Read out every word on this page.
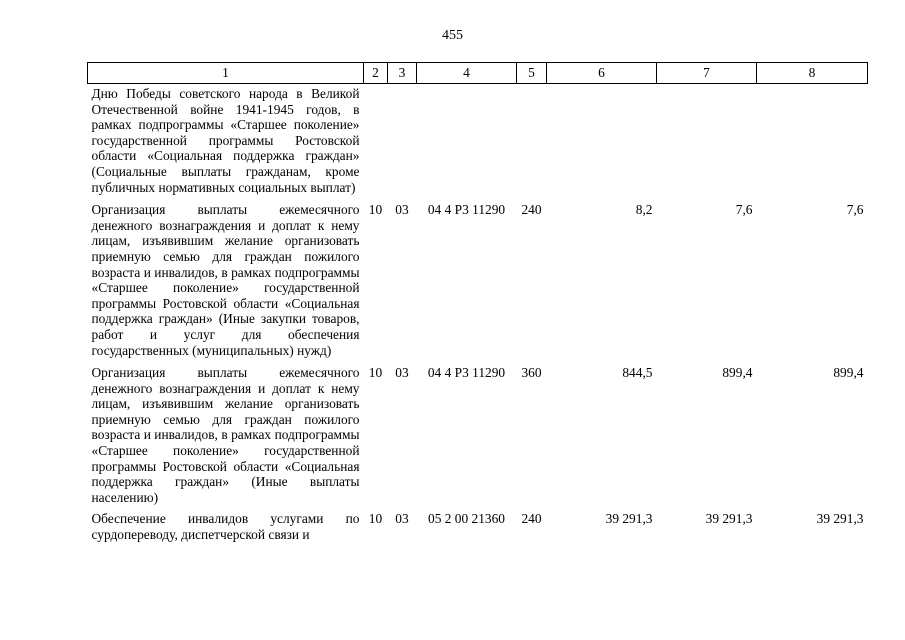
455
1	2	3	4	5	6	7	8
Дню Победы советского народа в Великой Отечественной войне 1941-1945 годов, в рамках подпрограммы «Старшее поколение» государственной программы Ростовской области «Социальная поддержка граждан» (Социальные выплаты гражданам, кроме публичных нормативных социальных выплат)							
Организация выплаты ежемесячного денежного вознаграждения и доплат к нему лицам, изъявившим желание организовать приемную семью для граждан пожилого возраста и инвалидов, в рамках подпрограммы «Старшее поколение» государственной программы Ростовской области «Социальная поддержка граждан» (Иные закупки товаров, работ и услуг для обеспечения государственных (муниципальных) нужд)	10	03	04 4 Р3 11290	240	8,2	7,6	7,6
Организация выплаты ежемесячного денежного вознаграждения и доплат к нему лицам, изъявившим желание организовать приемную семью для граждан пожилого возраста и инвалидов, в рамках подпрограммы «Старшее поколение» государственной программы Ростовской области «Социальная поддержка граждан» (Иные выплаты населению)	10	03	04 4 Р3 11290	360	844,5	899,4	899,4
Обеспечение инвалидов услугами по сурдопереводу, диспетчерской связи и	10	03	05 2 00 21360	240	39 291,3	39 291,3	39 291,3
